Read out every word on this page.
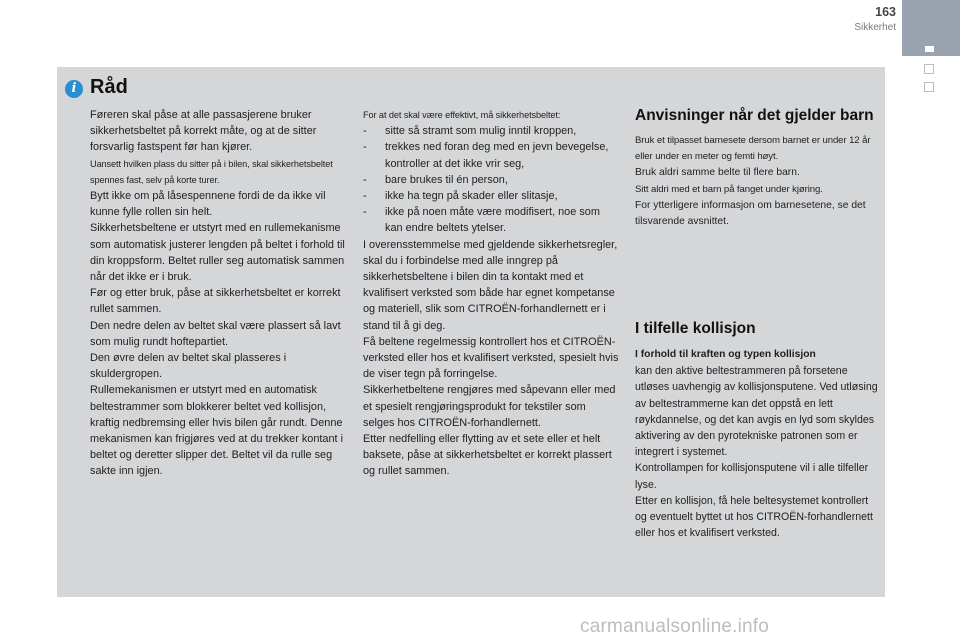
163
Sikkerhet
i Råd

Føreren skal påse at alle passasjerene bruker sikkerhetsbeltet på korrekt måte, og at de sitter forsvarlig fastspent før han kjører.

Uansett hvilken plass du sitter på i bilen, skal sikkerhetsbeltet spennes fast, selv på korte turer.

Bytt ikke om på låsespennene fordi de da ikke vil kunne fylle rollen sin helt.

Sikkerhetsbeltene er utstyrt med en rullemekanisme som automatisk justerer lengden på beltet i forhold til din kroppsform. Beltet ruller seg automatisk sammen når det ikke er i bruk.

Før og etter bruk, påse at sikkerhetsbeltet er korrekt rullet sammen.

Den nedre delen av beltet skal være plassert så lavt som mulig rundt hoftepartiet.

Den øvre delen av beltet skal plasseres i skuldergropen.

Rullemekanismen er utstyrt med en automatisk beltestrammer som blokkerer beltet ved kollisjon, kraftig nedbremsing eller hvis bilen går rundt. Denne mekanismen kan frigjøres ved at du trekker kontant i beltet og deretter slipper det. Beltet vil da rulle seg sakte inn igjen.

For at det skal være effektivt, må sikkerhetsbeltet:

- sitte så stramt som mulig inntil kroppen,

- trekkes ned foran deg med en jevn bevegelse, kontroller at det ikke vrir seg,

- bare brukes til én person,

- ikke ha tegn på skader eller slitasje,

- ikke på noen måte være modifisert, noe som kan endre beltets ytelser.

I overensstemmelse med gjeldende sikkerhetsregler, skal du i forbindelse med alle inngrep på sikkerhetsbeltene i bilen din ta kontakt med et kvalifisert verksted som både har egnet kompetanse og materiell, slik som CITROËN-forhandlernett er i stand til å gi deg.

Få beltene regelmessig kontrollert hos et CITROËN-verksted eller hos et kvalifisert verksted, spesielt hvis de viser tegn på forringelse.

Sikkerhetbeltene rengjøres med såpevann eller med et spesielt rengjøringsprodukt for tekstiler som selges hos CITROËN-forhandlernett.

Etter nedfelling eller flytting av et sete eller et helt baksete, påse at sikkerhetsbeltet er korrekt plassert og rullet sammen.

Anvisninger når det gjelder barn

Bruk et tilpasset barnesete dersom barnet er under 12 år eller under en meter og femti høyt.

Bruk aldri samme belte til flere barn.

Sitt aldri med et barn på fanget under kjøring.

For ytterligere informasjon om barnesetene, se det tilsvarende avsnittet.

I tilfelle kollisjon

I forhold til kraften og typen kollisjon

kan den aktive beltestrammeren på forsetene utløses uavhengig av kollisjonsputene. Ved utløsing av beltestrammerne kan det oppstå en lett røykdannelse, og det kan avgis en lyd som skyldes aktivering av den pyrotekniske patronen som er integrert i systemet.

Kontrollampen for kollisjonsputene vil i alle tilfeller lyse.

Etter en kollisjon, få hele beltesystemet kontrollert og eventuelt byttet ut hos CITROËN-forhandlernett eller hos et kvalifisert verksted.

carmanualsonline.info
